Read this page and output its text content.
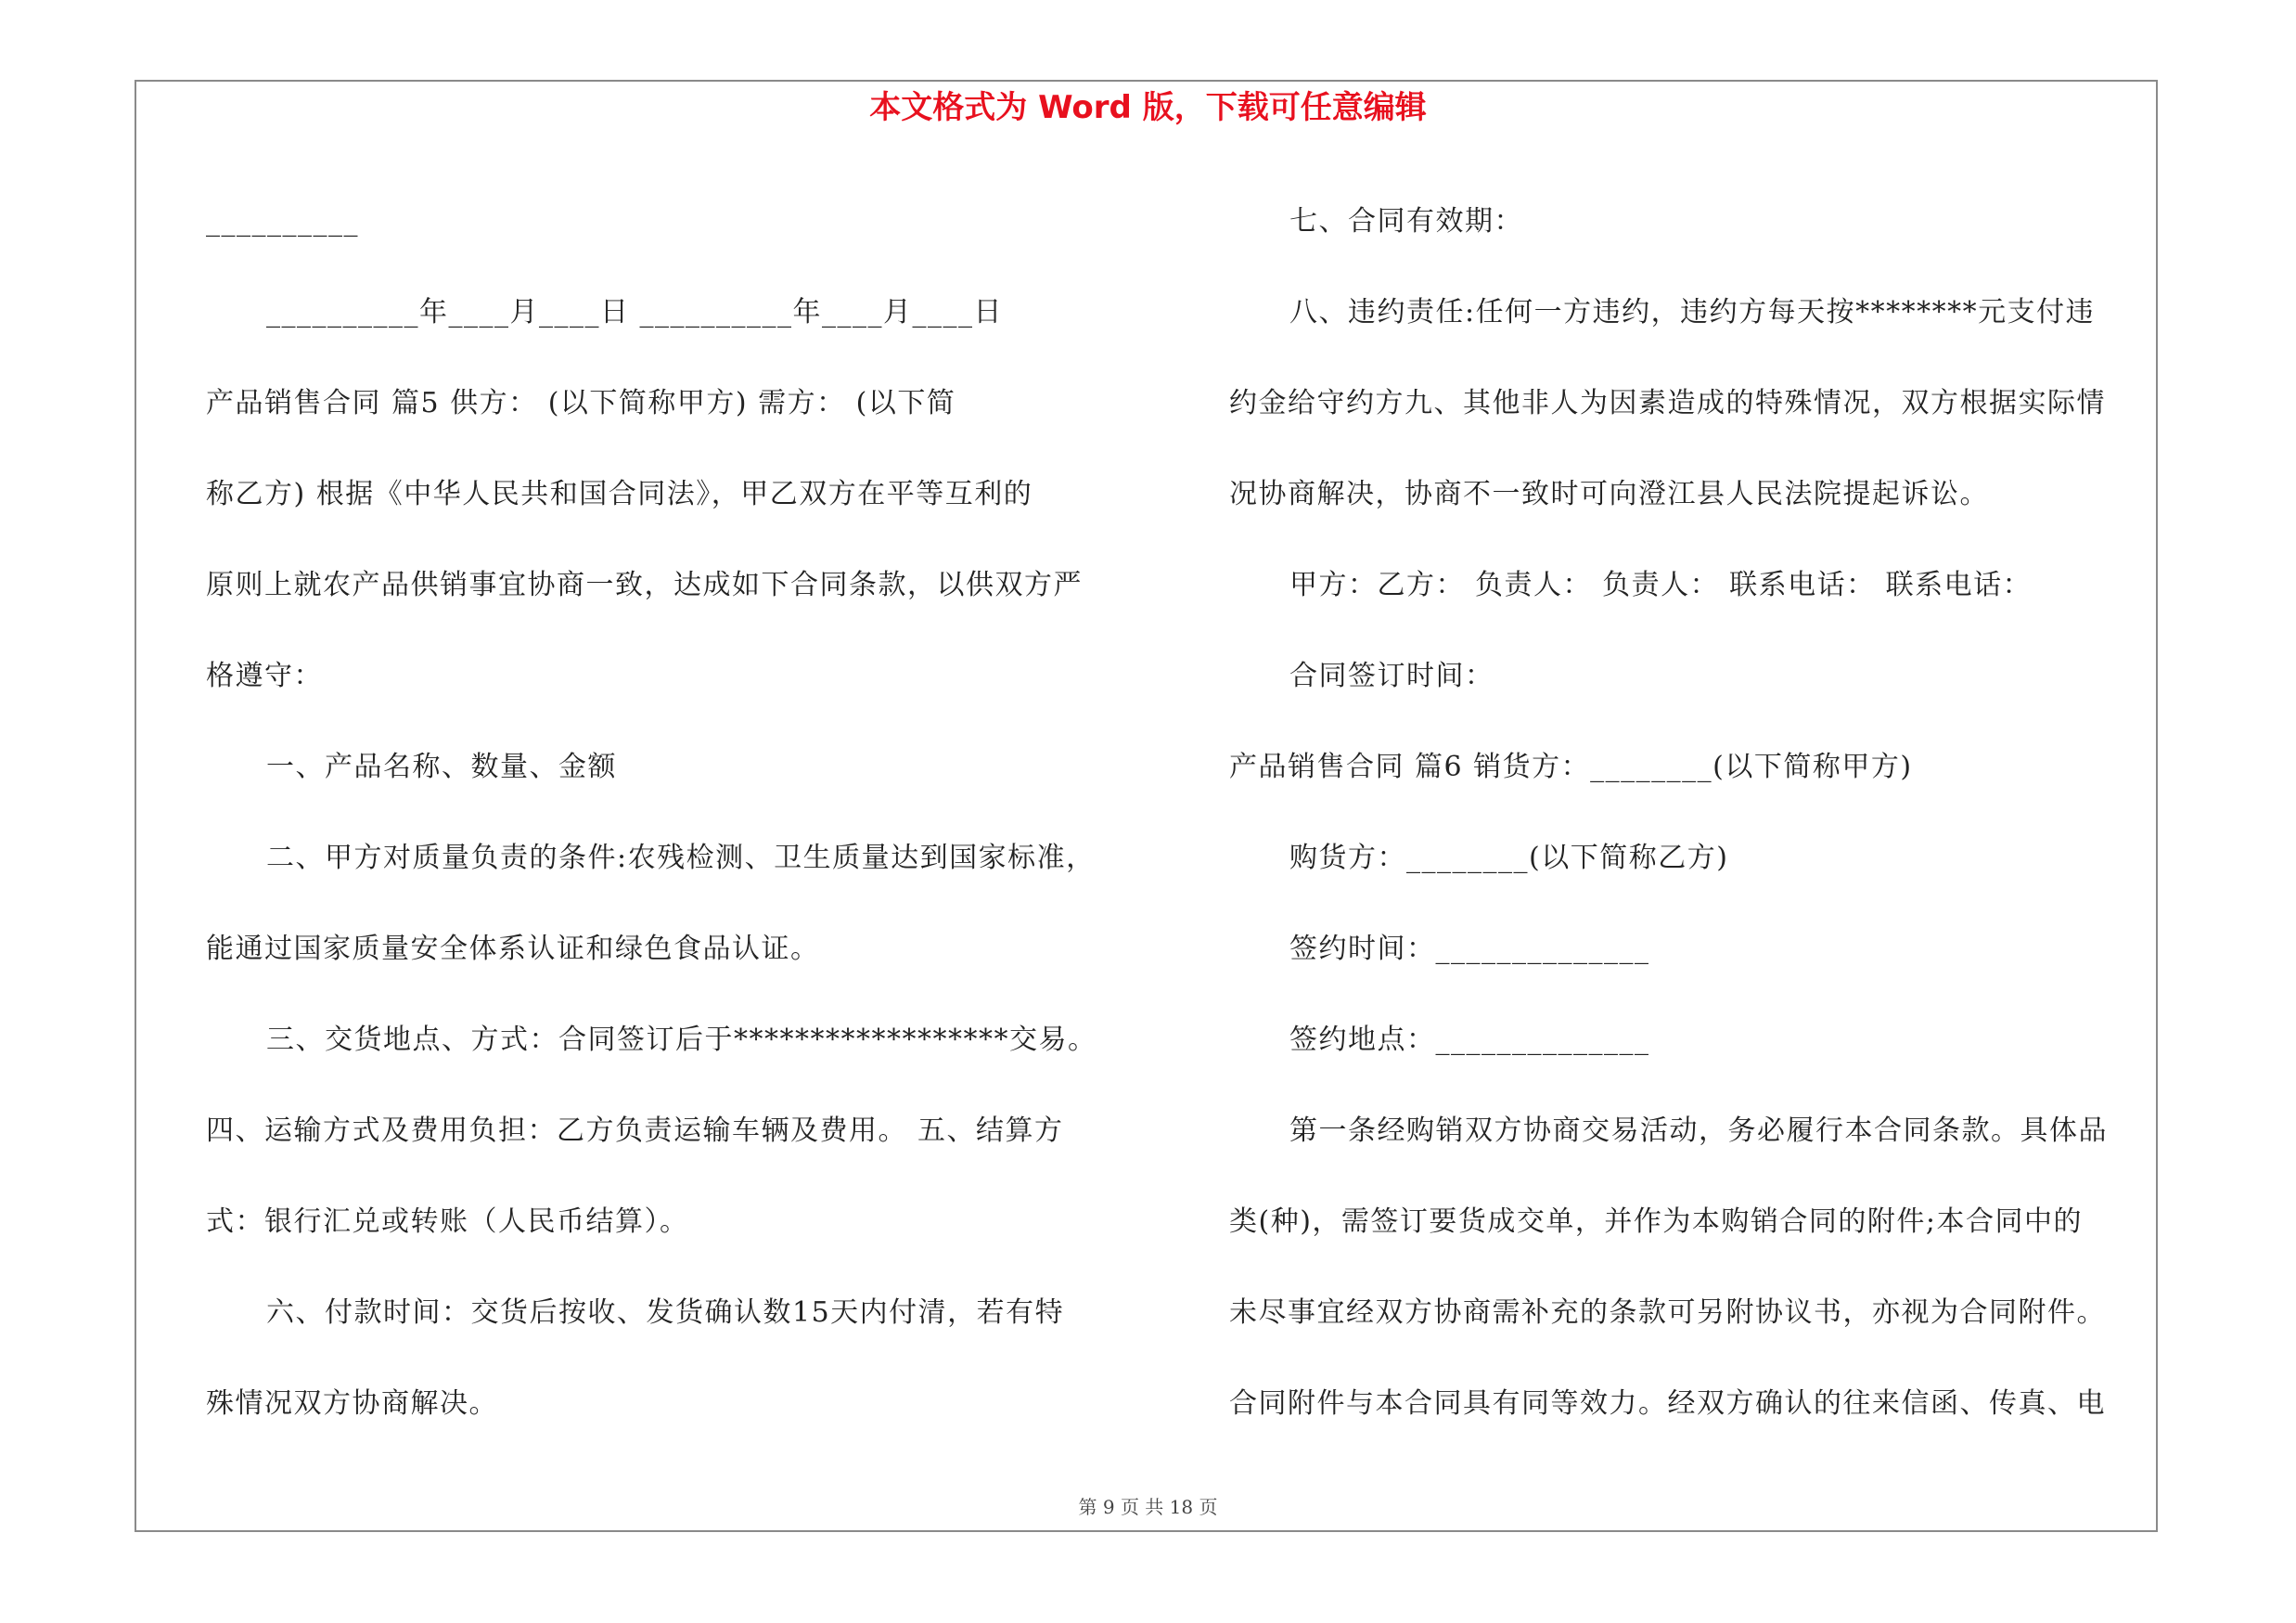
本文格式为 Word 版，下载可任意编辑
__________
__________年____月____日 __________年____月____日
产品销售合同 篇5 供方： (以下简称甲方) 需方： (以下简
称乙方) 根据《中华人民共和国合同法》，甲乙双方在平等互利的
原则上就农产品供销事宜协商一致，达成如下合同条款，以供双方严
格遵守：
一、产品名称、数量、金额
二、甲方对质量负责的条件:农残检测、卫生质量达到国家标准，
能通过国家质量安全体系认证和绿色食品认证。
三、交货地点、方式：合同签订后于******************交易。
四、运输方式及费用负担：乙方负责运输车辆及费用。 五、结算方
式：银行汇兑或转账（人民币结算）。
六、付款时间：交货后按收、发货确认数15天内付清，若有特
殊情况双方协商解决。
七、合同有效期：
八、违约责任:任何一方违约，违约方每天按********元支付违
约金给守约方九、其他非人为因素造成的特殊情况，双方根据实际情
况协商解决，协商不一致时可向澄江县人民法院提起诉讼。
甲方：乙方： 负责人： 负责人： 联系电话： 联系电话：
合同签订时间：
产品销售合同 篇6 销货方：________(以下简称甲方)
购货方：________(以下简称乙方)
签约时间：______________
签约地点：______________
第一条经购销双方协商交易活动，务必履行本合同条款。具体品
类(种)，需签订要货成交单，并作为本购销合同的附件;本合同中的
未尽事宜经双方协商需补充的条款可另附协议书，亦视为合同附件。
合同附件与本合同具有同等效力。经双方确认的往来信函、传真、电
第 9 页 共 18 页
